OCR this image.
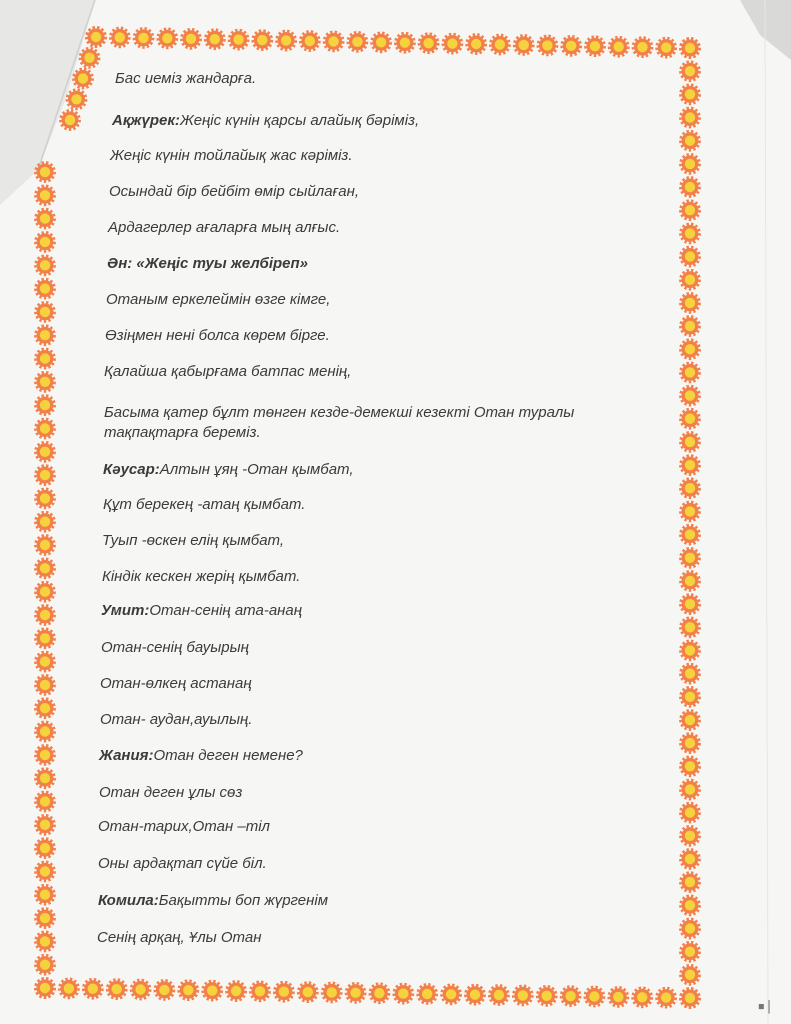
Бас иеміз жандарға.

Ақжүрек:Жеңіс күнін қарсы алайық бәріміз,

Жеңіс күнін тойлайық жас кәріміз.

Осындай бір бейбіт өмір сыйлаған,

Ардагерлер ағаларға мың алғыс.

Ән: «Жеңіс туы желбіреп»

Отаным еркелеймін өзге кімге,

Өзіңмен нені болса көрем бірге.

Қалайша қабырғама батпас менің,

Басыма қатер бұлт төнген кезде-демекші кезекті Отан туралы тақпақтарға береміз.

Кәусар:Алтын ұяң -Отан қымбат,

Құт берекең -атаң қымбат.

Туып -өскен елің қымбат,

Кіндік кескен жерің қымбат.

Умит:Отан-сенің ата-анаң

Отан-сенің бауырың

Отан-өлкең астанаң

Отан- аудан,ауылың.

Жания:Отан деген немене?

Отан деген ұлы сөз

Отан-тарих,Отан –тіл

Оны ардақтап сүйе біл.

Комила:Бақытты боп жүргенім

Сенің арқаң, Ұлы Отан

▪|
